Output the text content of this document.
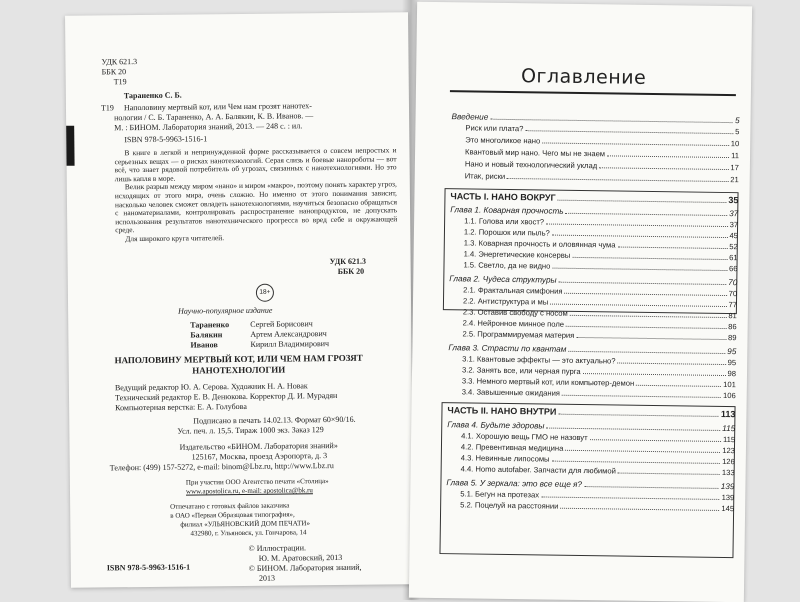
УДК 621.3
ББК 20
Т19
Тараненко С. Б.
Т19 Наполовину мертвый кот, или Чем нам грозят нанотех-
нологии / С. Б. Тараненко, А. А. Балякин, К. В. Иванов. —
М. : БИНОМ. Лаборатория знаний, 2013. — 248 с. : ил.
ISBN 978-5-9963-1516-1

В книге в легкой и непринужденной форме рассказывается о совсем непростых и серьезных вещах — о рисках нанотехнологий. Серая слизь и боевые нанороботы — вот всё, что знает рядовой потребитель об угрозах, связанных с нанотехнологиями. Но это лишь капля в море.

Велик разрыв между миром «нано» и миром «макро», поэтому понять характер угроз, исходящих от этого мира, очень сложно. Но именно от этого понимания зависит, насколько человек сможет овладеть нанотехнологиями, научиться безопасно обращаться с наноматериалами, контролировать распространение нанопродуктов, не допускать использования результатов нанотехнического прогресса во вред себе и окружающей среде.

Для широкого круга читателей.

УДК 621.3
ББК 20
18+
Научно-популярное издание
Тараненко	Сергей Борисович
Балякин	Артем Александрович
Иванов	Кирилл Владимирович
НАПОЛОВИНУ МЕРТВЫЙ КОТ, ИЛИ ЧЕМ НАМ ГРОЗЯТ
НАНОТЕХНОЛОГИИ
Ведущий редактор Ю. А. Серова. Художник Н. А. Новак
Технический редактор Е. В. Денюкова. Корректор Д. И. Мурадян
Компьютерная верстка: Е. А. Голубова
Подписано в печать 14.02.13. Формат 60×90/16.
Усл. печ. л. 15,5. Тираж 1000 экз. Заказ 129
Издательство «БИНОМ. Лаборатория знаний»
125167, Москва, проезд Аэропорта, д. 3
Телефон: (499) 157-5272, e-mail: binom@Lbz.ru, http://www.Lbz.ru
При участии ООО Агентство печати «Столица»
www.apostolica.ru, e-mail: apostolica@bk.ru
Отпечатано с готовых файлов заказчика
в ОАО «Первая Образцовая типография»,
филиал «УЛЬЯНОВСКИЙ ДОМ ПЕЧАТИ»
432980, г. Ульяновск, ул. Гончарова, 14
© Иллюстрации.
Ю. М. Аратовский, 2013
© БИНОМ. Лаборатория знаний,
2013
ISBN 978-5-9963-1516-1
Оглавление
Введение	5
Риск или плата?	5
Это многоликое нано	10
Квантовый мир нано. Чего мы не знаем	11
Нано и новый технологический уклад	17
Итак, риски	21
ЧАСТЬ I. НАНО ВОКРУГ	35
Глава 1. Коварная прочность	37
1.1. Голова или хвост?	37
1.2. Порошок или пыль?	45
1.3. Коварная прочность и оловянная чума	52
1.4. Энергетические консервы	61
1.5. Светло, да не видно	66
Глава 2. Чудеса структуры	70
2.1. Фрактальная симфония	70
2.2. Антиструктура и мы	77
2.3. Оставив свободу с носом	81
2.4. Нейронное минное поле	86
2.5. Программируемая материя	89
Глава 3. Страсти по квантам	95
3.1. Квантовые эффекты — это актуально?	95
3.2. Занять все, или черная пурга	98
3.3. Немного мертвый кот, или компьютер-демон	101
3.4. Завышенные ожидания	106
ЧАСТЬ II. НАНО ВНУТРИ	113
Глава 4. Будьте здоровы	115
4.1. Хорошую вещь ГМО не назовут	115
4.2. Превентивная медицина	123
4.3. Невинные липосомы	126
4.4. Homo autofaber. Запчасти для любимой	133
Глава 5. У зеркала: это все еще я?	139
5.1. Бегун на протезах	139
5.2. Поцелуй на расстоянии	145
